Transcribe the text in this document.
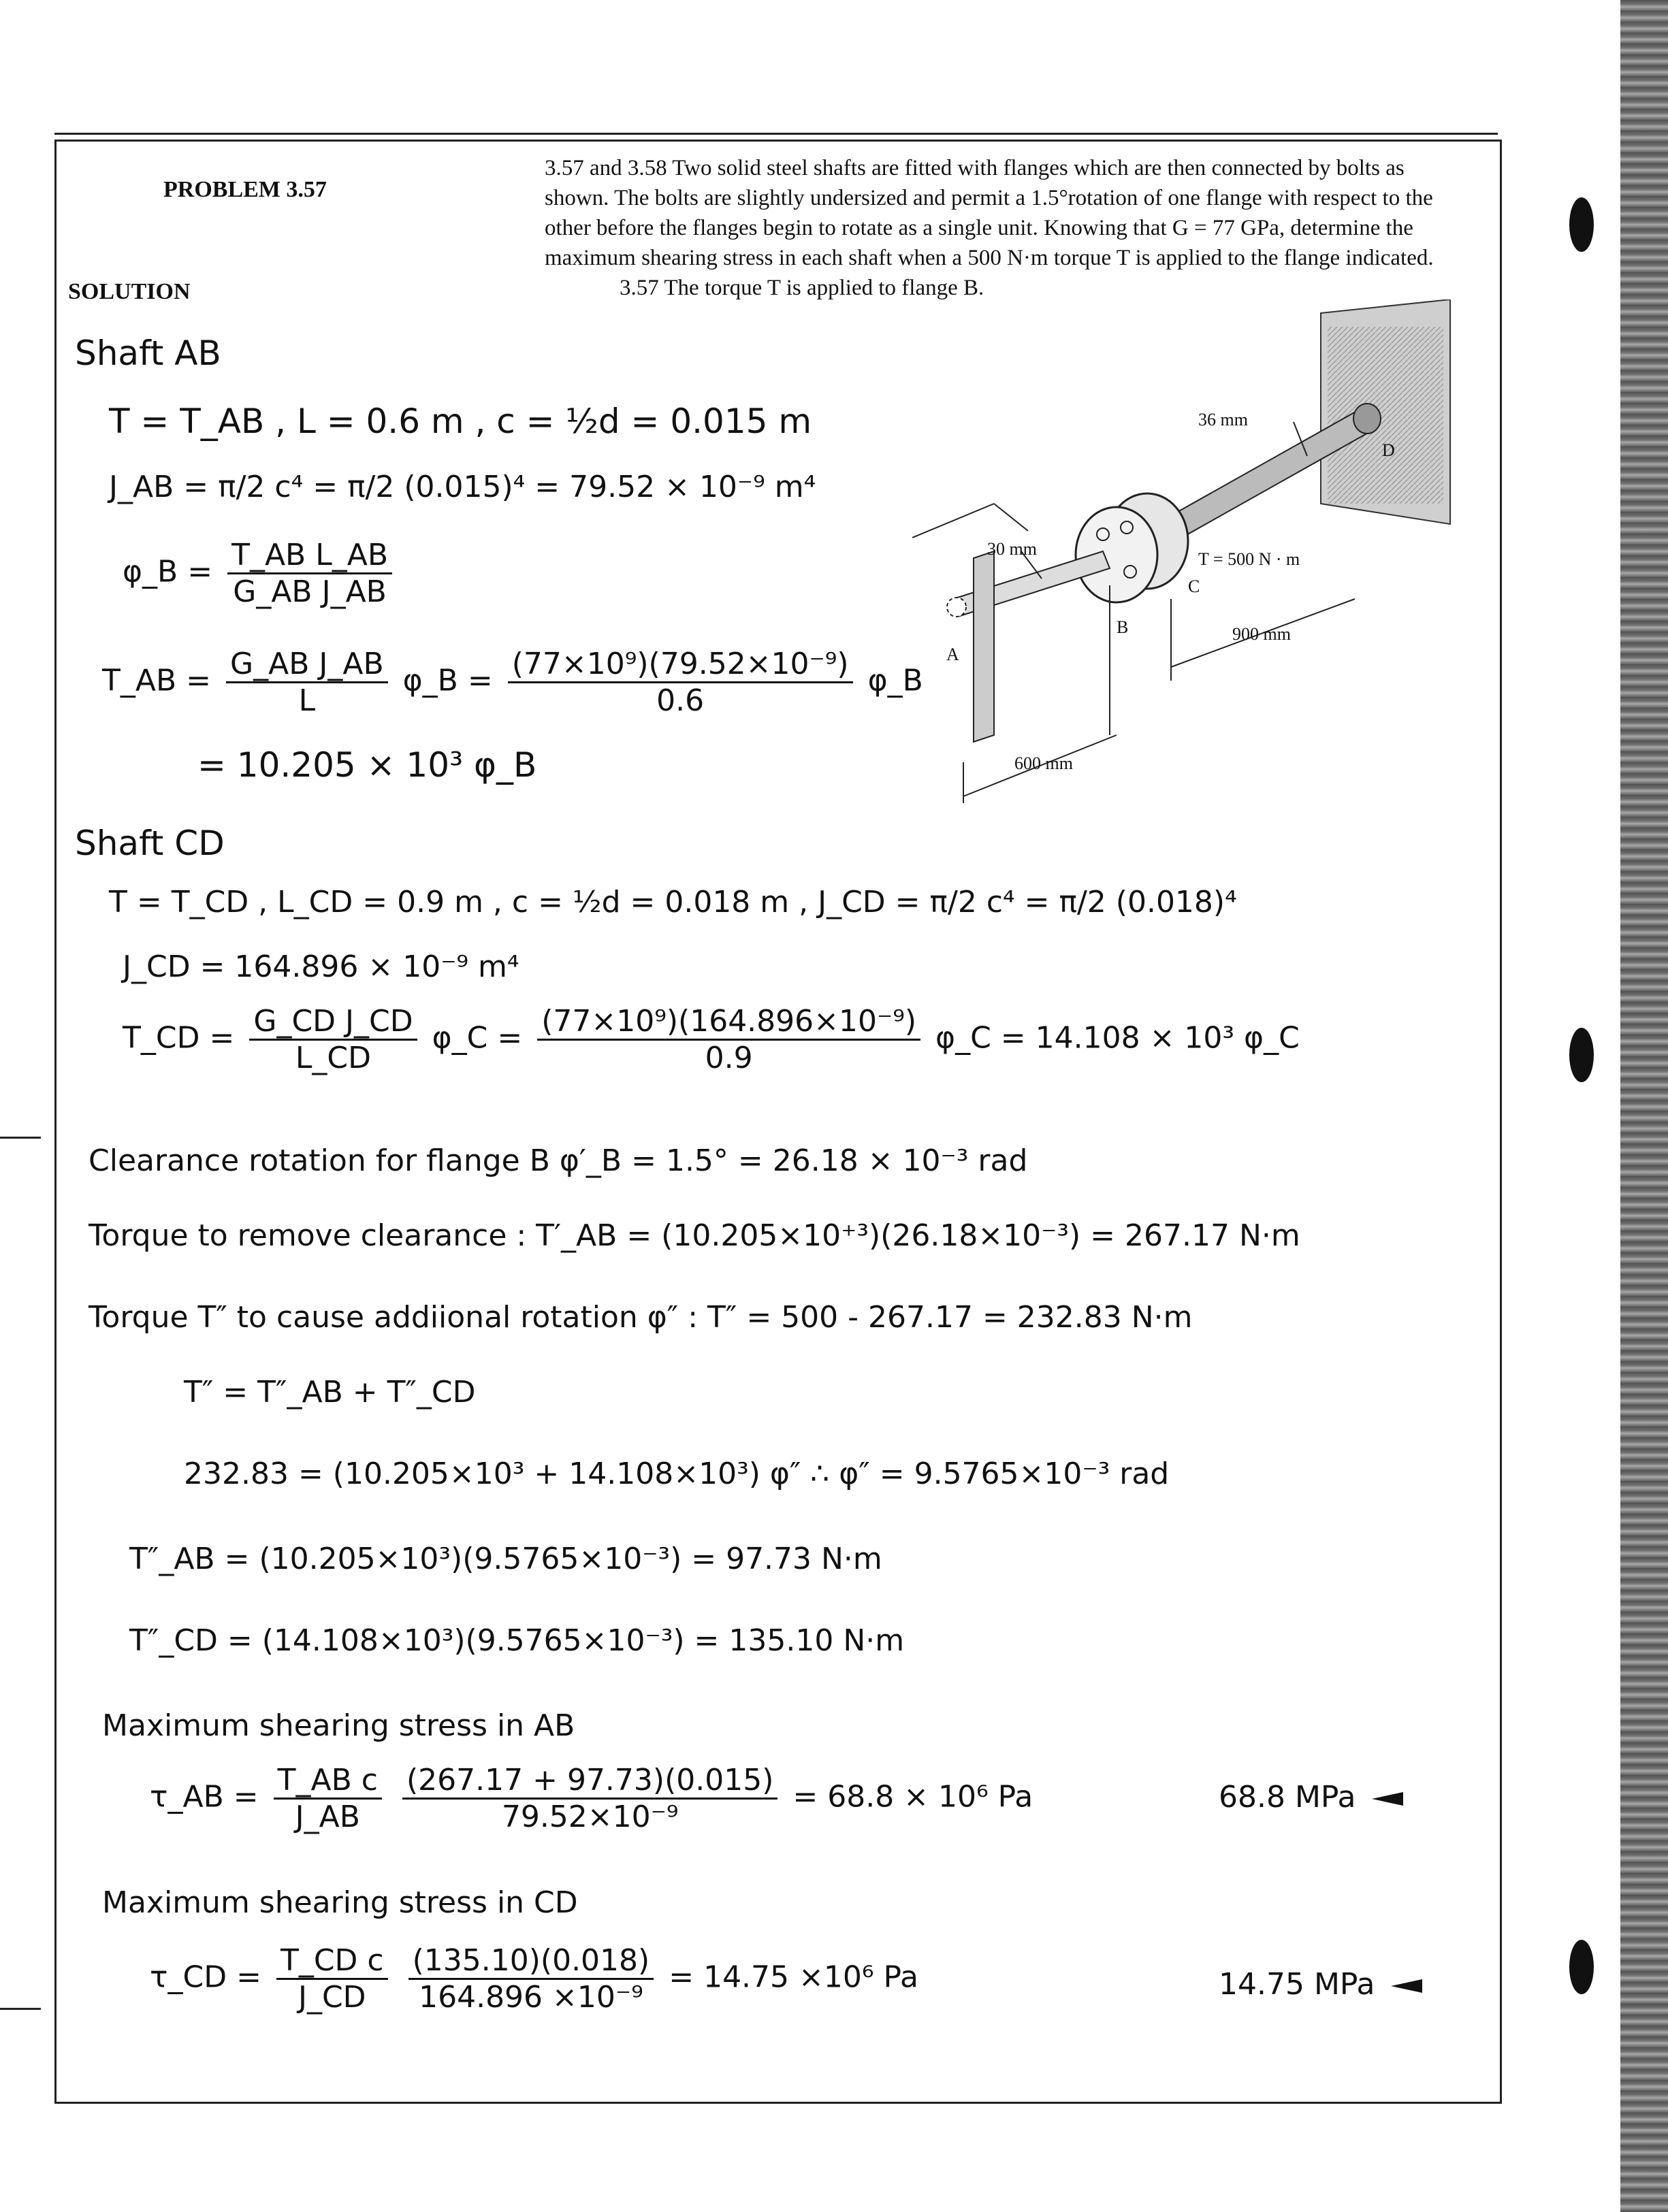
PROBLEM 3.57
SOLUTION
3.57 and 3.58 Two solid steel shafts are fitted with flanges which are then connected by bolts as shown. The bolts are slightly undersized and permit a 1.5°rotation of one flange with respect to the other before the flanges begin to rotate as a single unit. Knowing that G = 77 GPa, determine the maximum shearing stress in each shaft when a 500 N·m torque T is applied to the flange indicated.
3.57 The torque T is applied to flange B.
36 mm
D
30 mm
T = 500 N · m
C
B	900 mm
A
600 mm
Shaft AB
T = T_AB , L = 0.6 m , c = ½d = 0.015 m
J_AB = π/2 c⁴ = π/2 (0.015)⁴ = 79.52 × 10⁻⁹ m⁴
φ_B = $\frac{\text{T\_AB L\_AB}}{\text{G\_AB J\_AB}}$
T_AB = $\frac{\text{G\_AB J\_AB}}{L}$ φ_B = $\frac{\text{(77×10⁹)(79.52×10⁻⁹)}}{0.6}$ φ_B
= 10.205 × 10³ φ_B
Shaft CD
T = T_CD , L_CD = 0.9 m , c = ½d = 0.018 m , J_CD = π/2 c⁴ = π/2 (0.018)⁴
J_CD = 164.896 × 10⁻⁹ m⁴
T_CD = $\frac{\text{G\_CD J\_CD}}{L\_CD}$ φ_C = $\frac{\text{(77×10⁹)(164.896×10⁻⁹)}}{0.9}$ φ_C = 14.108 × 10³ φ_C
Clearance rotation for flange B φ′_B = 1.5° = 26.18 × 10⁻³ rad
Torque to remove clearance : T′_AB = (10.205×10⁺³)(26.18×10⁻³) = 267.17 N·m
Torque T″ to cause addiional rotation φ″ : T″ = 500 - 267.17 = 232.83 N·m
T″ = T″_AB + T″_CD
232.83 = (10.205×10³ + 14.108×10³) φ″ ∴ φ″ = 9.5765×10⁻³ rad
T″_AB = (10.205×10³)(9.5765×10⁻³) = 97.73 N·m
T″_CD = (14.108×10³)(9.5765×10⁻³) = 135.10 N·m
Maximum shearing stress in AB
τ_AB = $\frac{\text{T\_AB c}}{J\_AB}$
$\frac{(267.17 + 97.73)(0.015)}{\text{79.52×10⁻⁹}} = 68.8 \times 10^6$ Pa	68.8 MPa
Maximum shearing stress in CD
τ_CD = $\frac{\text{T\_CD c}}{J\_CD}$
$\frac{(135.10)(0.018)}{\text{164.896 ×10⁻⁹}} = 14.75 \times 10^6$ Pa	14.75 MPa
